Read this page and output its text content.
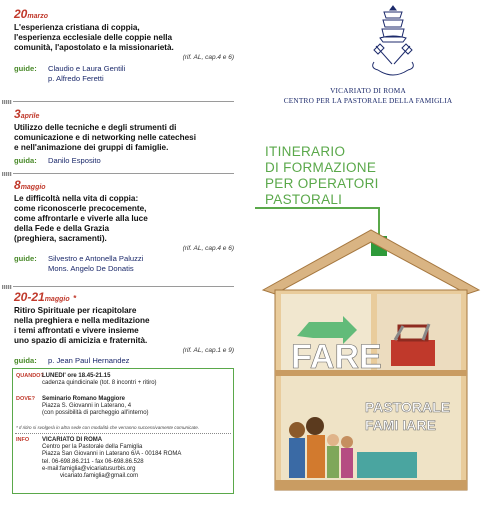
20marzo
L'esperienza cristiana di coppia,
l'esperienza ecclesiale delle coppie nella
comunità, l'apostolato e la missionarietà.
(rif. AL, cap.4 e 6)
guide: Claudio e Laura Gentili
p. Alfredo Feretti
3aprile
Utilizzo delle tecniche e degli strumenti di
comunicazione e di networking nelle catechesi
e nell'animazione dei gruppi di famiglie.
guida: Danilo Esposito
8maggio
Le difficoltà nella vita di coppia:
come riconoscerle precocemente,
come affrontarle e viverle alla luce
della Fede e della Grazia
(preghiera, sacramenti).
(rif. AL, cap.4 e 6)
guide: Silvestro e Antonella Paluzzi
Mons. Angelo De Donatis
20-21maggio *
Ritiro Spirituale per ricapitolare
nella preghiera e nella meditazione
i temi affrontati e vivere insieme
uno spazio di amicizia e fraternità.
(rif. AL, cap.1 e 9)
guida: p. Jean Paul Hernandez
QUANDO?
LUNEDI' ore 18.45-21.15
cadenza quindicinale (tot. 8 incontri + ritiro)
DOVE? Seminario Romano Maggiore
Piazza S. Giovanni in Laterano, 4
(con possibilità di parcheggio all'interno)
* Il ritiro si svolgerà in altra sede con modalità che verranno successivamente comunicate.
INFO VICARIATO DI ROMA
Centro per la Pastorale della Famiglia
Piazza San Giovanni in Laterano 6/A - 00184 ROMA
tel. 06-698.86.211 - fax 06-698.86.528
e-mail:famiglia@vicariatusurbis.org
vicariato.famiglia@gmail.com
VICARIATO DI ROMA
CENTRO PER LA PASTORALE DELLA FAMIGLIA
ITINERARIO
DI FORMAZIONE
PER OPERATORI
PASTORALI
FARE
PASTORALE
FAMI IARE
